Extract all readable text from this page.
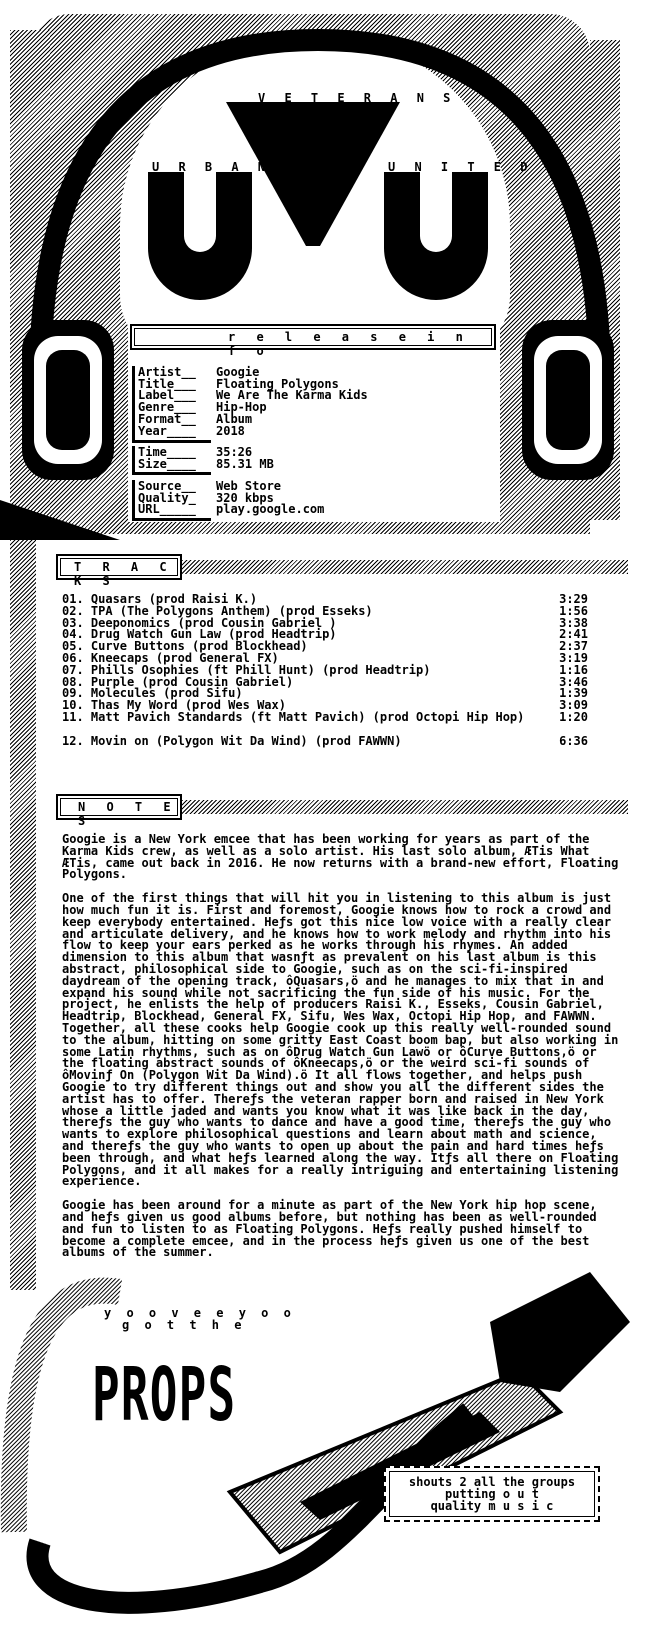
V E T E R A N S
U R B A N	U N I T E D
r e l e a s e i n f o
Artist__ Googie
Title___ Floating Polygons
Label___ We Are The Karma Kids
Genre___ Hip-Hop
Format__ Album
Year____ 2018
Time____ 35:26
Size____ 85.31 MB
Source__ Web Store
Quality_ 320 kbps
URL_____ play.google.com
T R A C K S
01. Quasars (prod Raisi K.)	3:29
02. TPA (The Polygons Anthem) (prod Esseks)	1:56
03. Deeponomics (prod Cousin Gabriel )	3:38
04. Drug Watch Gun Law (prod Headtrip)	2:41
05. Curve Buttons (prod Blockhead)	2:37
06. Kneecaps (prod General FX)	3:19
07. Phills Osophies (ft Phill Hunt) (prod Headtrip)	1:16
08. Purple (prod Cousin Gabriel)	3:46
09. Molecules (prod Sifu)	1:39
10. Thas My Word (prod Wes Wax)	3:09
11. Matt Pavich Standards (ft Matt Pavich) (prod Octopi Hip Hop)	1:20
12. Movin on (Polygon Wit Da Wind) (prod FAWWN)	6:36
N O T E S

Googie is a New York emcee that has been working for years as part of the Karma Kids crew, as well as a solo artist. His last solo album, ÆTis What ÆTis, came out back in 2016. He now returns with a brand-new effort, Floating Polygons.

One of the first things that will hit you in listening to this album is just how much fun it is. First and foremost, Googie knows how to rock a crowd and keep everybody entertained. Heƒs got this nice low voice with a really clear and articulate delivery, and he knows how to work melody and rhythm into his flow to keep your ears perked as he works through his rhymes. An added dimension to this album that wasnƒt as prevalent on his last album is this abstract, philosophical side to Googie, such as on the sci-fi-inspired daydream of the opening track, ôQuasars,ö and he manages to mix that in and expand his sound while not sacrificing the fun side of his music. For the project, he enlists the help of producers Raisi K., Esseks, Cousin Gabriel, Headtrip, Blockhead, General FX, Sifu, Wes Wax, Octopi Hip Hop, and FAWWN. Together, all these cooks help Googie cook up this really well-rounded sound to the album, hitting on some gritty East Coast boom bap, but also working in some Latin rhythms, such as on ôDrug Watch Gun Lawö or ôCurve Buttons,ö or the floating abstract sounds of ôKneecaps,ö or the weird sci-fi sounds of ôMovinƒ On (Polygon Wit Da Wind).ö It all flows together, and helps push Googie to try different things out and show you all the different sides the artist has to offer. Thereƒs the veteran rapper born and raised in New York whose a little jaded and wants you know what it was like back in the day, thereƒs the guy who wants to dance and have a good time, thereƒs the guy who wants to explore philosophical questions and learn about math and science, and thereƒs the guy who wants to open up about the pain and hard times heƒs been through, and what heƒs learned along the way. Itƒs all there on Floating Polygons, and it all makes for a really intriguing and entertaining listening experience.

Googie has been around for a minute as part of the New York hip hop scene, and heƒs given us good albums before, but nothing has been as well-rounded and fun to listen to as Floating Polygons. Heƒs really pushed himself to become a complete emcee, and in the process heƒs given us one of the best albums of the summer.

y o o v e e y o o
g o t t h e
PROPS
shouts 2 all the groups
putting o u t
quality m u s i c
